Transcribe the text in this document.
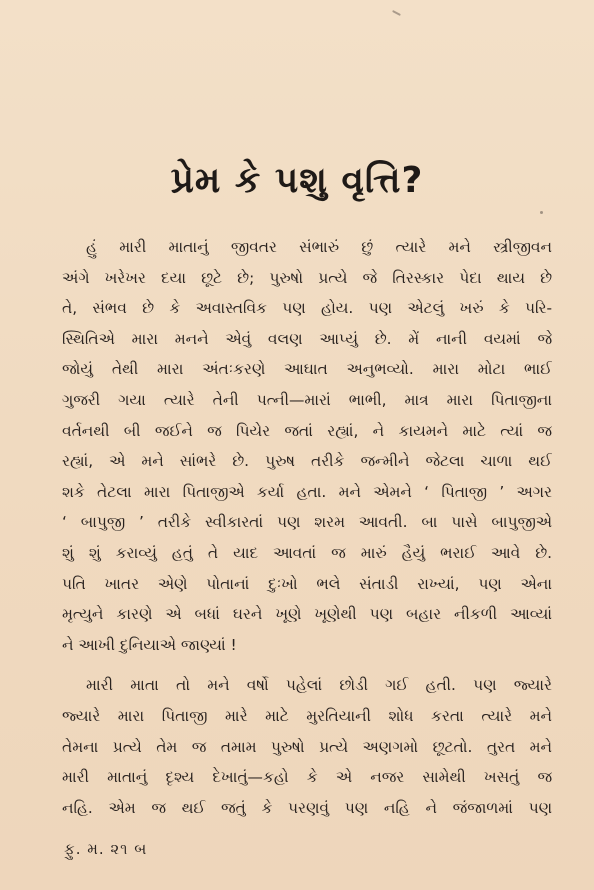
પ્રેમ કે પશુ વૃત્તિ?
હું મારી માતાનું જીવતર સંભારું છું ત્યારે મને સ્ત્રીજીવન
અંગે ખરેખર દયા છૂટે છે; પુરુષો પ્રત્યે જે તિરસ્કાર પેદા થાય છે
તે, સંભવ છે કે અવાસ્તવિક પણ હોય. પણ એટલું ખરું કે પરિ-
સ્થિતિએ મારા મનને એવું વલણ આપ્યું છે. મેં નાની વયમાં જે
જોયું તેથી મારા અંતઃકરણે આઘાત અનુભવ્યો. મારા મોટા ભાઈ
ગુજરી ગયા ત્યારે તેની પત્ની—મારાં ભાભી, માત્ર મારા પિતાજીના
વર્તનથી બી જઈને જ પિયેર જતાં રહ્યાં, ને કાયમને માટે ત્યાં જ
રહ્યાં, એ મને સાંભરે છે. પુરુષ તરીકે જન્મીને જેટલા ચાળા થઈ
શકે તેટલા મારા પિતાજીએ કર્યા હતા. મને એમને ‘ પિતાજી ’ અગર
‘ બાપુજી ’ તરીકે સ્વીકારતાં પણ શરમ આવતી. બા પાસે બાપુજીએ
શું શું કરાવ્યું હતું તે યાદ આવતાં જ મારું હૈયું ભરાઈ આવે છે.
પતિ ખાતર એણે પોતાનાં દુઃખો ભલે સંતાડી રાખ્યાં, પણ એના
મૃત્યુને કારણે એ બધાં ઘરને ખૂણે ખૂણેથી પણ બહાર નીકળી આવ્યાં
ને આખી દુનિયાએ જાણ્યાં !
મારી માતા તો મને વર્ષો પહેલાં છોડી ગઈ હતી. પણ જ્યારે
જ્યારે મારા પિતાજી મારે માટે મુરતિયાની શોધ કરતા ત્યારે મને
તેમના પ્રત્યે તેમ જ તમામ પુરુષો પ્રત્યે અણગમો છૂટતો. તુરત મને
મારી માતાનું દૃશ્ય દેખાતું—કહો કે એ નજર સામેથી ખસતું જ
નહિ. એમ જ થઈ જતું કે પરણવું પણ નહિ ને જંજાળમાં પણ
ફુ. મ. ૨૧ બ
